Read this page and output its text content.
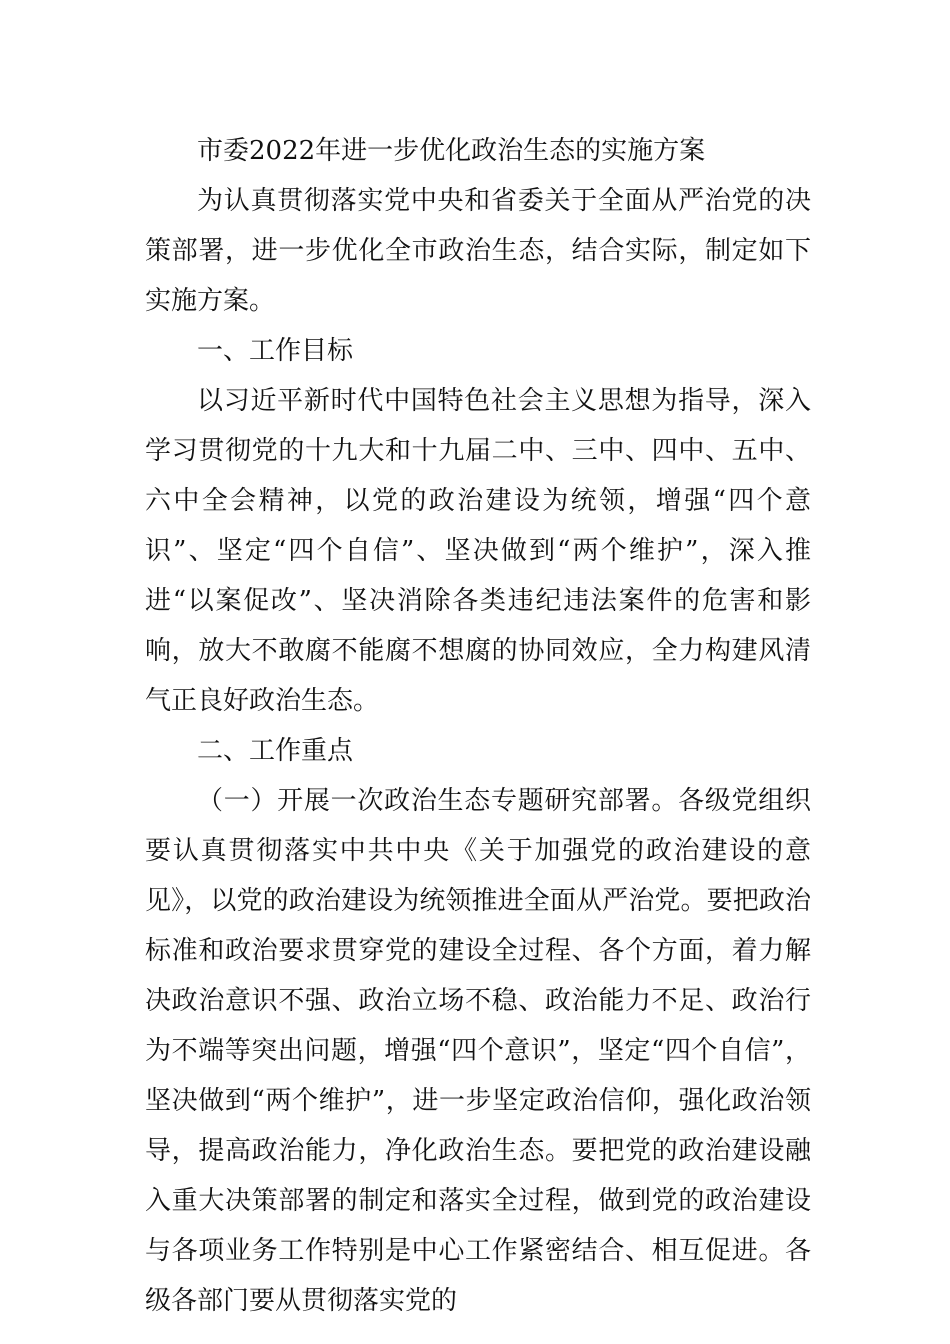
市委2022年进一步优化政治生态的实施方案

为认真贯彻落实党中央和省委关于全面从严治党的决策部署，进一步优化全市政治生态，结合实际，制定如下实施方案。

一、工作目标

以习近平新时代中国特色社会主义思想为指导，深入学习贯彻党的十九大和十九届二中、三中、四中、五中、六中全会精神，以党的政治建设为统领，增强“四个意识”、坚定“四个自信”、坚决做到“两个维护”，深入推进“以案促改”、坚决消除各类违纪违法案件的危害和影响，放大不敢腐不能腐不想腐的协同效应，全力构建风清气正良好政治生态。

二、工作重点

（一）开展一次政治生态专题研究部署。各级党组织要认真贯彻落实中共中央《关于加强党的政治建设的意见》，以党的政治建设为统领推进全面从严治党。要把政治标准和政治要求贯穿党的建设全过程、各个方面，着力解决政治意识不强、政治立场不稳、政治能力不足、政治行为不端等突出问题，增强“四个意识”，坚定“四个自信”，坚决做到“两个维护”，进一步坚定政治信仰，强化政治领导，提高政治能力，净化政治生态。要把党的政治建设融入重大决策部署的制定和落实全过程，做到党的政治建设与各项业务工作特别是中心工作紧密结合、相互促进。各级各部门要从贯彻落实党的
